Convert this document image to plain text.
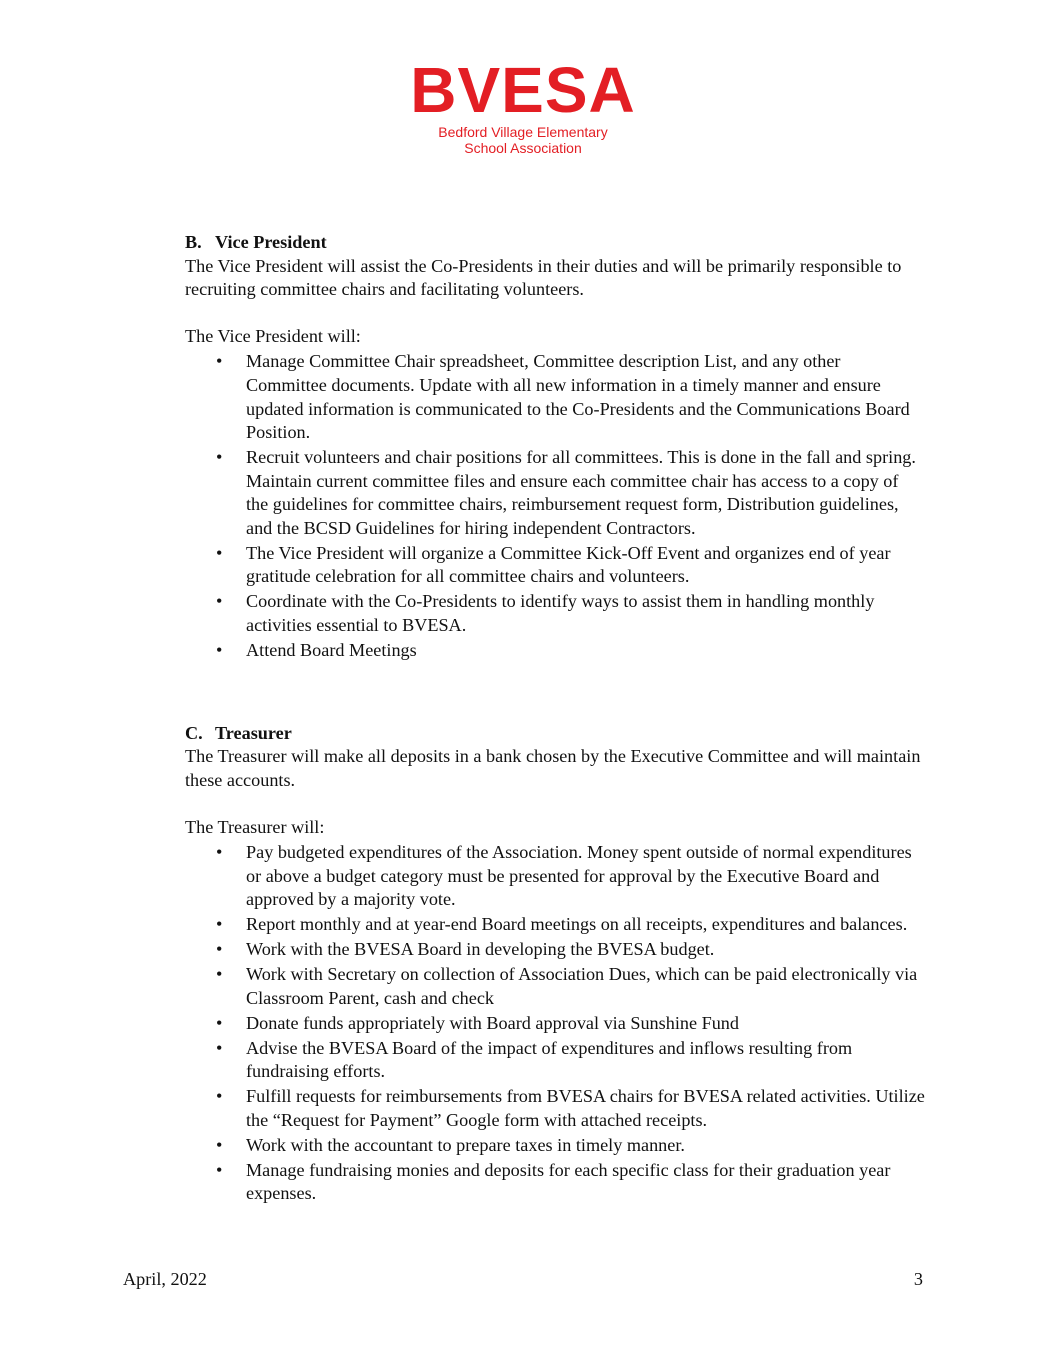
BVESA
Bedford Village Elementary
School Association

B. Vice President

The Vice President will assist the Co-Presidents in their duties and will be primarily responsible to recruiting committee chairs and facilitating volunteers.

The Vice President will:

• Manage Committee Chair spreadsheet, Committee description List, and any other Committee documents. Update with all new information in a timely manner and ensure updated information is communicated to the Co-Presidents and the Communications Board Position.
• Recruit volunteers and chair positions for all committees. This is done in the fall and spring. Maintain current committee files and ensure each committee chair has access to a copy of the guidelines for committee chairs, reimbursement request form, Distribution guidelines, and the BCSD Guidelines for hiring independent Contractors.
• The Vice President will organize a Committee Kick-Off Event and organizes end of year gratitude celebration for all committee chairs and volunteers.
• Coordinate with the Co-Presidents to identify ways to assist them in handling monthly activities essential to BVESA.
• Attend Board Meetings

C. Treasurer

The Treasurer will make all deposits in a bank chosen by the Executive Committee and will maintain these accounts.

The Treasurer will:

• Pay budgeted expenditures of the Association. Money spent outside of normal expenditures or above a budget category must be presented for approval by the Executive Board and approved by a majority vote.
• Report monthly and at year-end Board meetings on all receipts, expenditures and balances.
• Work with the BVESA Board in developing the BVESA budget.
• Work with Secretary on collection of Association Dues, which can be paid electronically via Classroom Parent, cash and check
• Donate funds appropriately with Board approval via Sunshine Fund
• Advise the BVESA Board of the impact of expenditures and inflows resulting from fundraising efforts.
• Fulfill requests for reimbursements from BVESA chairs for BVESA related activities. Utilize the “Request for Payment” Google form with attached receipts.
• Work with the accountant to prepare taxes in timely manner.
• Manage fundraising monies and deposits for each specific class for their graduation year expenses.
April, 2022	3
